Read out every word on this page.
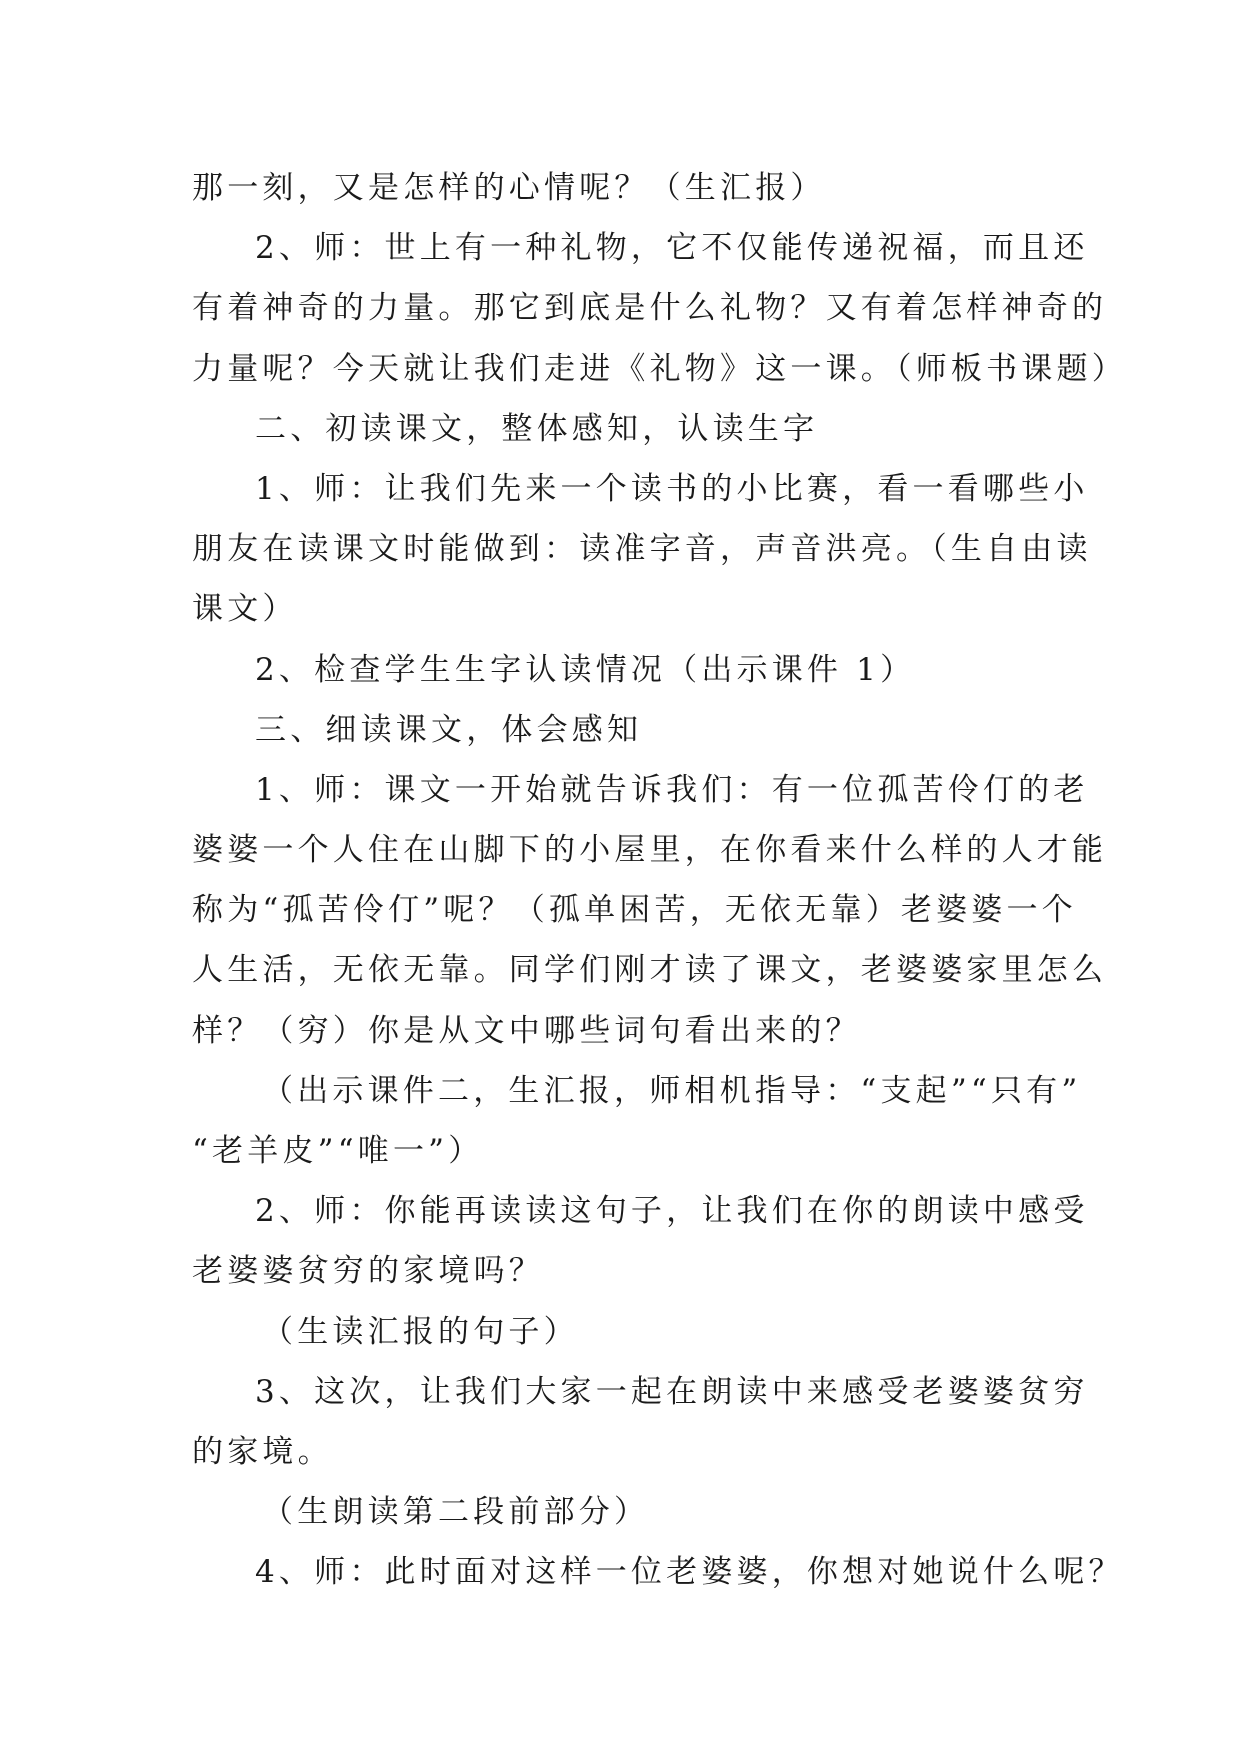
那一刻，又是怎样的心情呢？（生汇报）
2、师：世上有一种礼物，它不仅能传递祝福，而且还
有着神奇的力量。那它到底是什么礼物？又有着怎样神奇的
力量呢？今天就让我们走进《礼物》这一课。（师板书课题）
二、初读课文，整体感知，认读生字
1、师：让我们先来一个读书的小比赛，看一看哪些小
朋友在读课文时能做到：读准字音，声音洪亮。（生自由读
课文）
2、检查学生生字认读情况（出示课件 1）
三、细读课文，体会感知
1、师：课文一开始就告诉我们：有一位孤苦伶仃的老
婆婆一个人住在山脚下的小屋里，在你看来什么样的人才能
称为“孤苦伶仃”呢？（孤单困苦，无依无靠）老婆婆一个
人生活，无依无靠。同学们刚才读了课文，老婆婆家里怎么
样？（穷）你是从文中哪些词句看出来的？
（出示课件二，生汇报，师相机指导：“支起”“只有”
“老羊皮”“唯一”）
2、师：你能再读读这句子，让我们在你的朗读中感受
老婆婆贫穷的家境吗？
（生读汇报的句子）
3、这次，让我们大家一起在朗读中来感受老婆婆贫穷
的家境。
（生朗读第二段前部分）
4、师：此时面对这样一位老婆婆，你想对她说什么呢？
